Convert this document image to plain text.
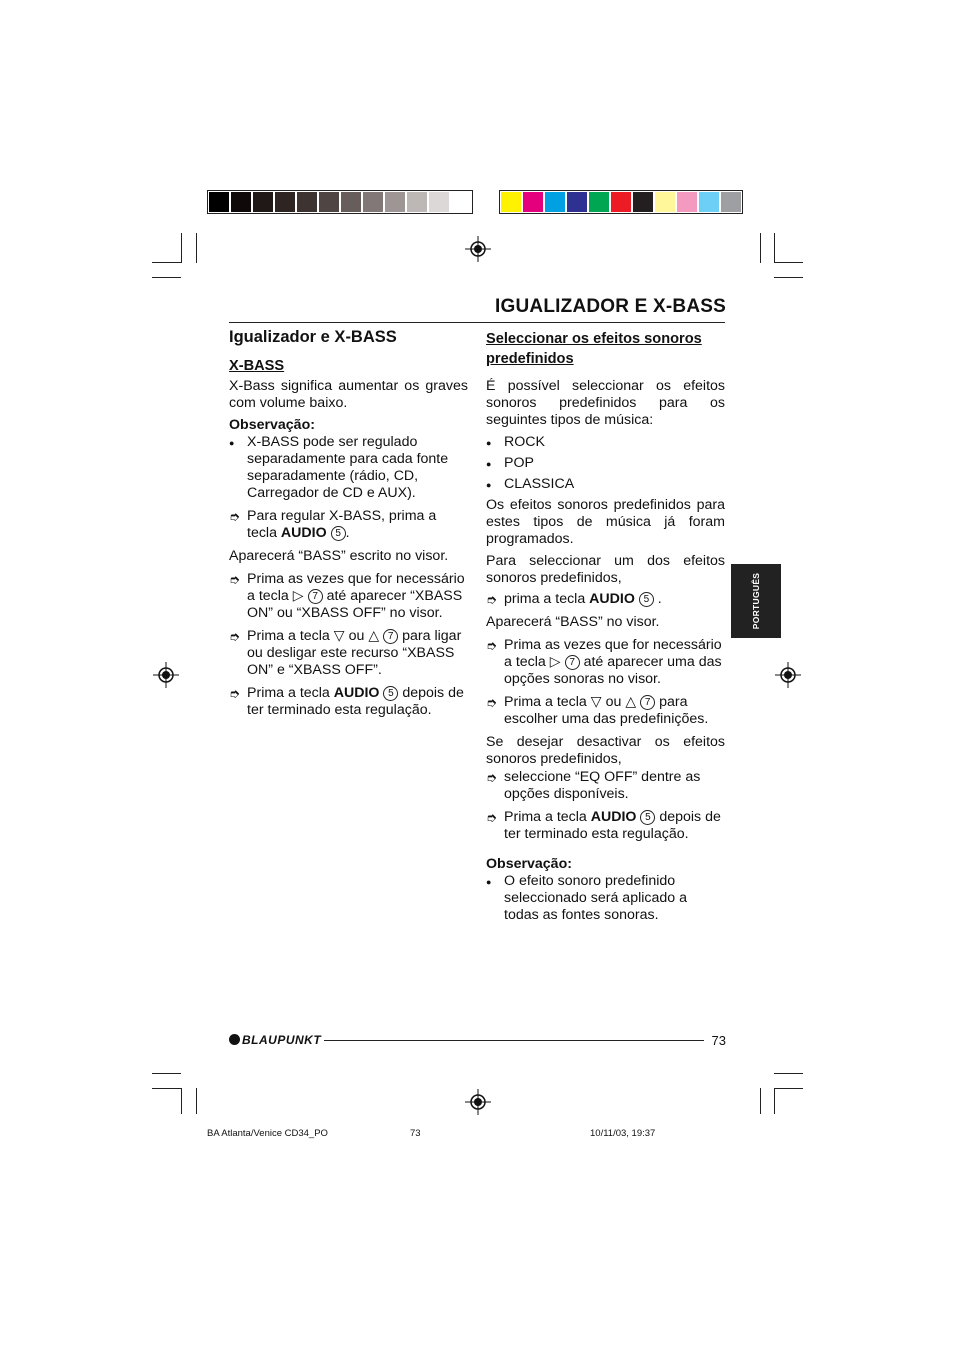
IGUALIZADOR E X-BASS
PORTUGUÊS

Igualizador e X-BASS

X-BASS

X-Bass significa aumentar os graves com volume baixo.

Observação:

●
X-BASS pode ser regulado separadamente para cada fonte separadamente (rádio, CD, Carregador de CD e AUX).
➮ Para regular X-BASS, prima a tecla AUDIO 5 .

Aparecerá “BASS” escrito no visor.

➮ Prima as vezes que for necessário a tecla ▷ 7 até aparecer “XBASS ON” ou “XBASS OFF” no visor.
➮ Prima a tecla ▽ ou △ 7 para ligar ou desligar este recurso “XBASS ON” e “XBASS OFF”.
➮ Prima a tecla AUDIO 5 depois de ter terminado esta regulação.

Seleccionar os efeitos sonoros

predefinidos

É possível seleccionar os efeitos sonoros predefinidos para os seguintes tipos de música:

●
ROCK
●
POP
●
CLASSICA

Os efeitos sonoros predefinidos para estes tipos de música já foram programados.

Para seleccionar um dos efeitos sonoros predefinidos,

➮ prima a tecla AUDIO 5 .

Aparecerá “BASS” no visor.

➮ Prima as vezes que for necessário a tecla ▷ 7 até aparecer uma das opções sonoras no visor.
➮ Prima a tecla ▽ ou △ 7 para escolher uma das predefinições.

Se desejar desactivar os efeitos sonoros predefinidos,

➮ seleccione “EQ OFF” dentre as opções disponíveis.
➮ Prima a tecla AUDIO 5 depois de ter terminado esta regulação.

Observação:

●
O efeito sonoro predefinido seleccionado será aplicado a todas as fontes sonoras.
BLAUPUNKT	73
BA Atlanta/Venice CD34_PO	73	10/11/03, 19:37
